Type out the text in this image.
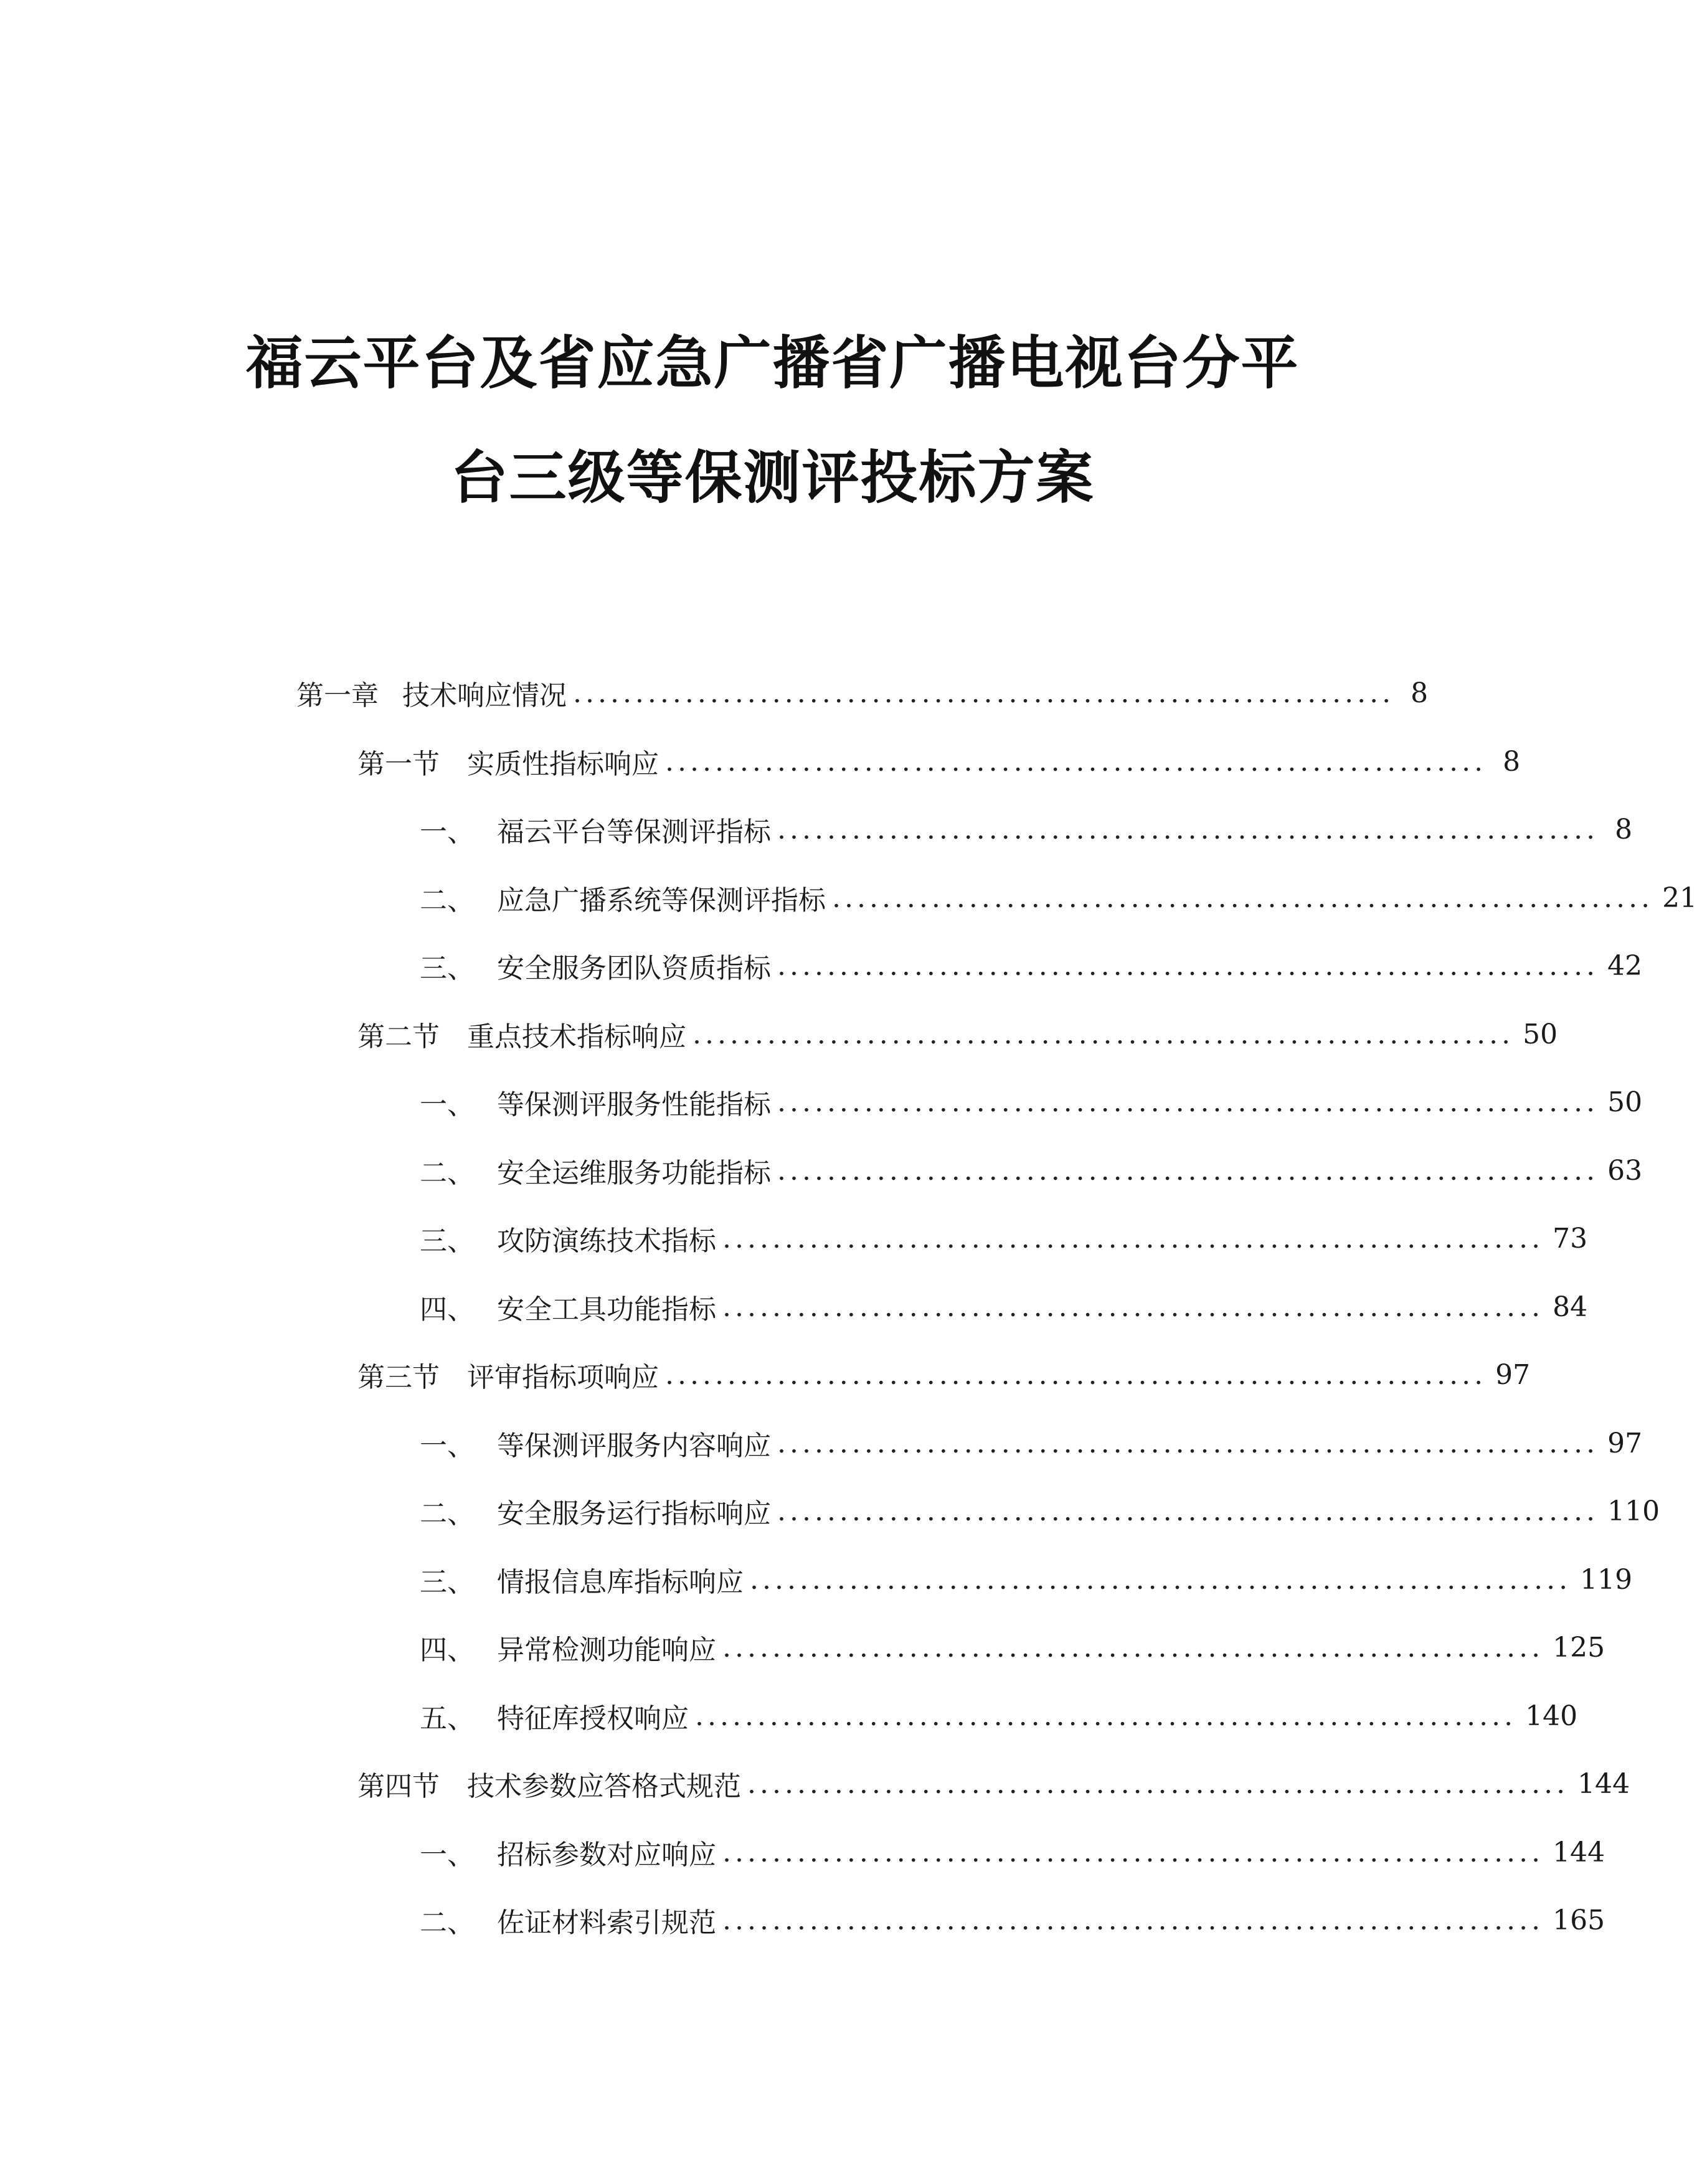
福云平台及省应急广播省广播电视台分平
台三级等保测评投标方案
第一章 技术响应情况 .................................................................. 8
第一节	实质性指标响应 .................................................................. 8
一、 福云平台等保测评指标 .................................................................. 8
二、 应急广播系统等保测评指标 .................................................................. 21
三、 安全服务团队资质指标 .................................................................. 42
第二节	重点技术指标响应 .................................................................. 50
一、 等保测评服务性能指标 .................................................................. 50
二、 安全运维服务功能指标 .................................................................. 63
三、 攻防演练技术指标 .................................................................. 73
四、 安全工具功能指标 .................................................................. 84
第三节	评审指标项响应 .................................................................. 97
一、 等保测评服务内容响应 .................................................................. 97
二、 安全服务运行指标响应 .................................................................. 110
三、 情报信息库指标响应 .................................................................. 119
四、 异常检测功能响应 .................................................................. 125
五、 特征库授权响应 .................................................................. 140
第四节	技术参数应答格式规范 .................................................................. 144
一、 招标参数对应响应 .................................................................. 144
二、 佐证材料索引规范 .................................................................. 165
